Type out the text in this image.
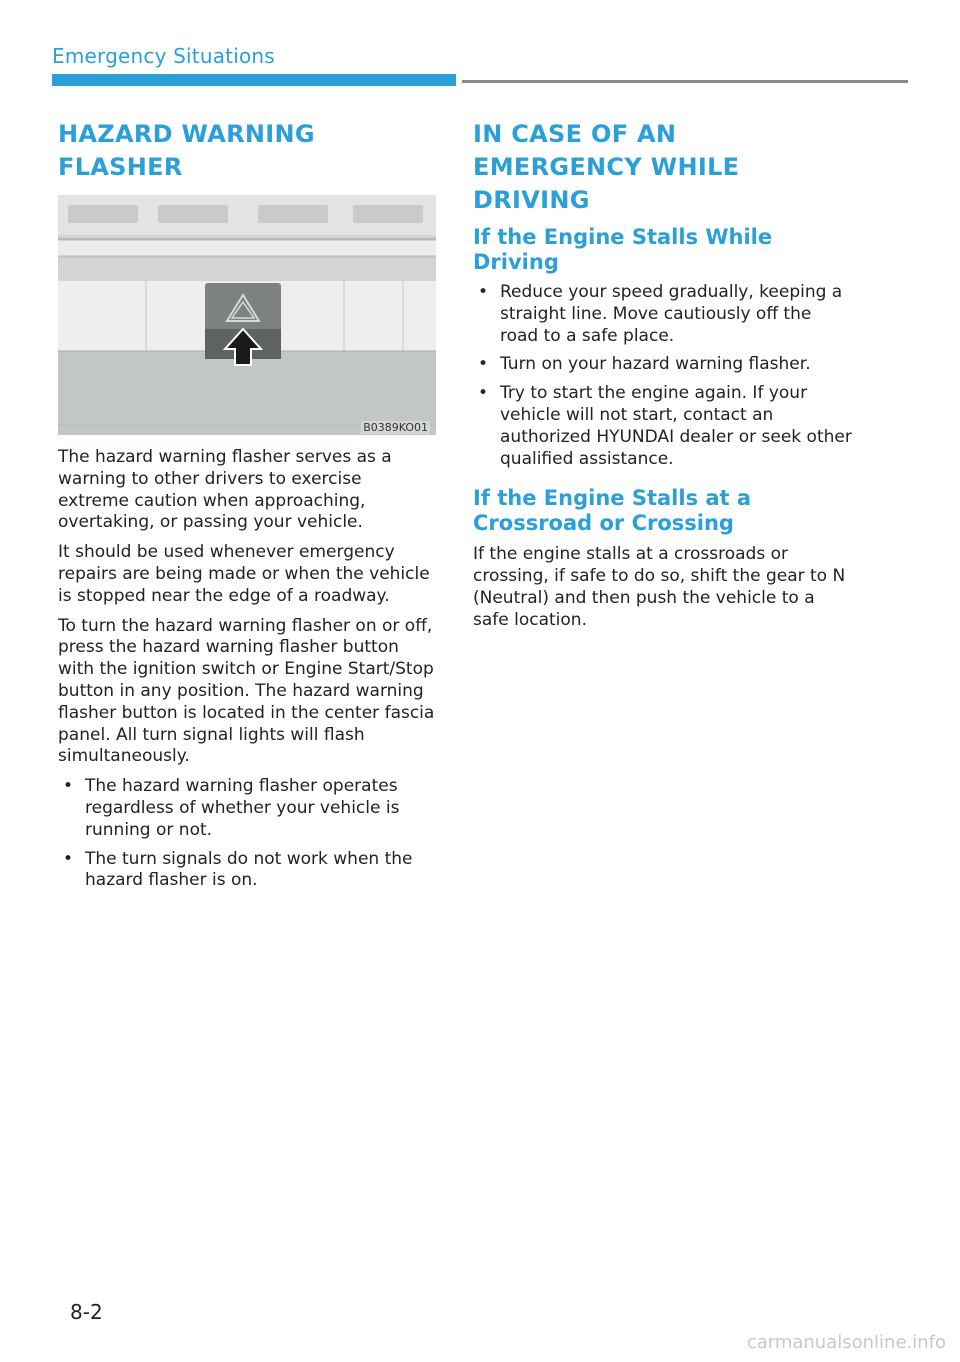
Emergency Situations
HAZARD WARNING FLASHER
B0389KO01

The hazard warning flasher serves as a warning to other drivers to exercise extreme caution when approaching, overtaking, or passing your vehicle.

It should be used whenever emergency repairs are being made or when the vehicle is stopped near the edge of a roadway.

To turn the hazard warning flasher on or off, press the hazard warning flasher button with the ignition switch or Engine Start/Stop button in any position. The hazard warning flasher button is located in the center fascia panel. All turn signal lights will flash simultaneously.

• The hazard warning flasher operates regardless of whether your vehicle is running or not.
• The turn signals do not work when the hazard flasher is on.
IN CASE OF AN EMERGENCY WHILE DRIVING
If the Engine Stalls While Driving
• Reduce your speed gradually, keeping a straight line. Move cautiously off the road to a safe place.
• Turn on your hazard warning flasher.
• Try to start the engine again. If your vehicle will not start, contact an authorized HYUNDAI dealer or seek other qualified assistance.
If the Engine Stalls at a Crossroad or Crossing

If the engine stalls at a crossroads or crossing, if safe to do so, shift the gear to N (Neutral) and then push the vehicle to a safe location.

8-2
carmanualsonline.info
